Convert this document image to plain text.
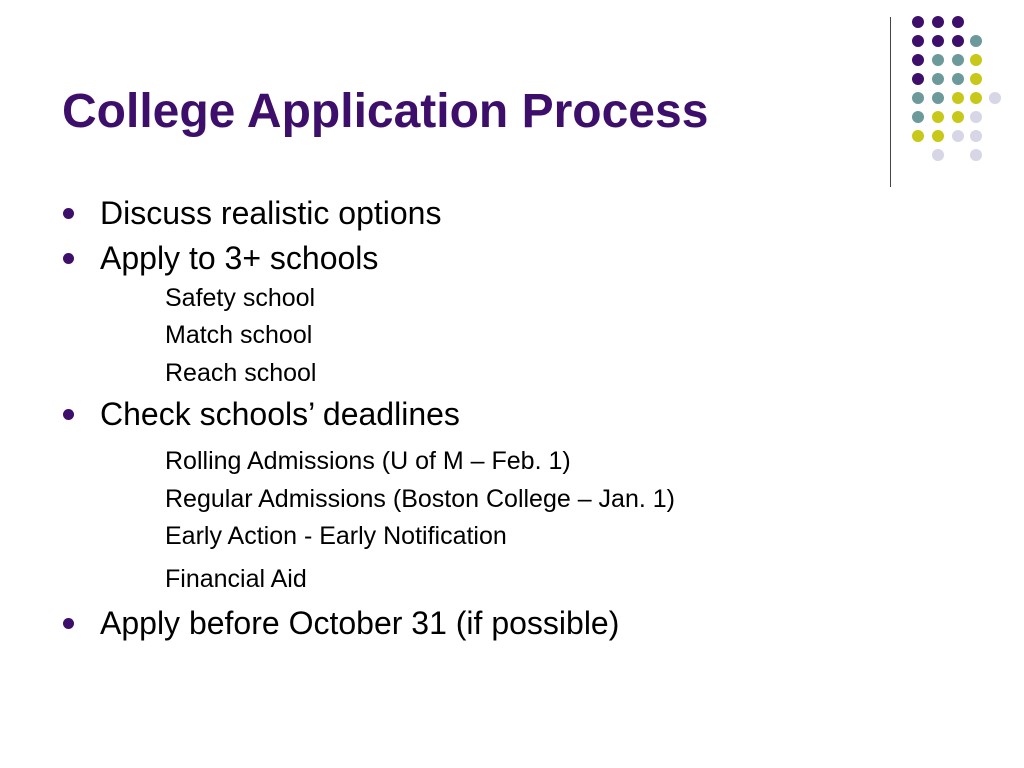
College Application Process
Discuss realistic options
Apply to 3+ schools
Safety school
Match school
Reach school
Check schools’ deadlines
Rolling Admissions (U of M – Feb. 1)
Regular Admissions (Boston College – Jan. 1)
Early Action - Early Notification
Financial Aid
Apply before October 31 (if possible)
